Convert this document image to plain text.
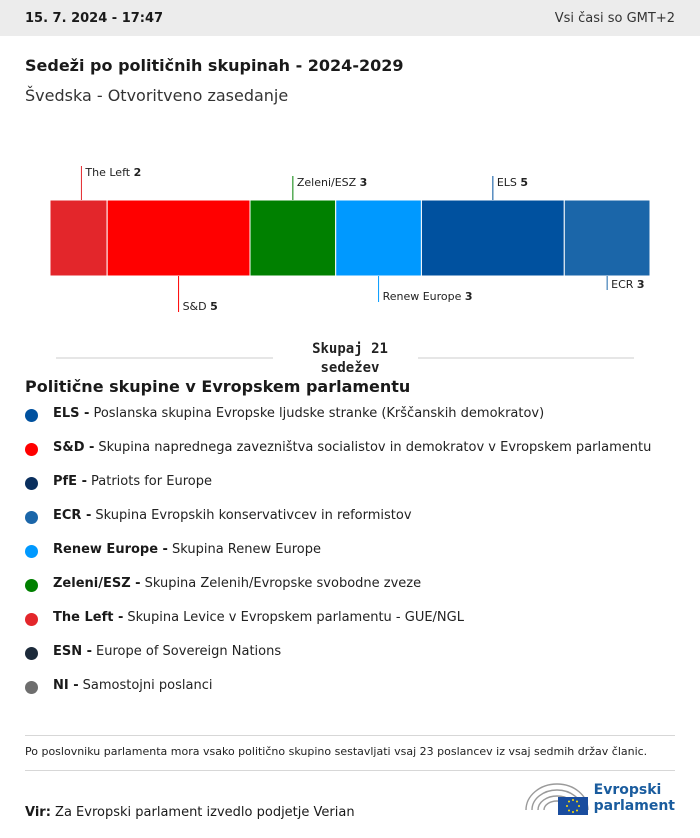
15. 7. 2024 - 17:47	Vsi časi so GMT+2
Sedeži po političnih skupinah - 2024-2029
Švedska - Otvoritveno zasedanje
The Left 2
S&D 5
Zeleni/ESZ 3
Renew Europe 3
ELS 5
ECR 3
Skupaj 21
sedežev
Politične skupine v Evropskem parlamentu
ELS - Poslanska skupina Evropske ljudske stranke (Krščanskih demokratov)
S&D - Skupina naprednega zavezništva socialistov in demokratov v Evropskem parlamentu
PfE - Patriots for Europe
ECR - Skupina Evropskih konservativcev in reformistov
Renew Europe - Skupina Renew Europe
Zeleni/ESZ - Skupina Zelenih/Evropske svobodne zveze
The Left - Skupina Levice v Evropskem parlamentu - GUE/NGL
ESN - Europe of Sovereign Nations
NI - Samostojni poslanci
Po poslovniku parlamenta mora vsako politično skupino sestavljati vsaj 23 poslancev iz vsaj sedmih držav članic.
Vir: Za Evropski parlament izvedlo podjetje Verian
Evropski
parlament
